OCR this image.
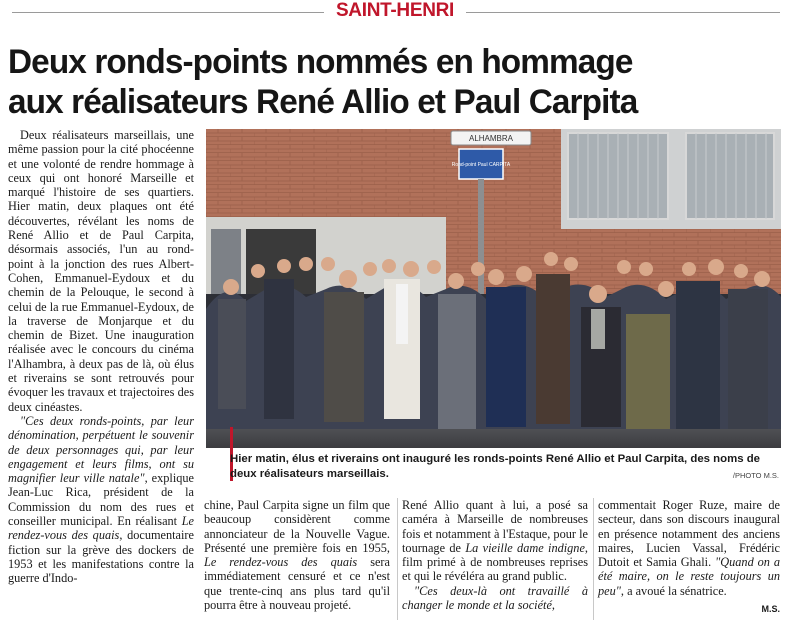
SAINT-HENRI
Deux ronds-points nommés en hommage
aux réalisateurs René Allio et Paul Carpita

Deux réalisateurs marseillais, une même passion pour la cité phocéenne et une volonté de rendre hommage à ceux qui ont honoré Marseille et marqué l'histoire de ses quartiers. Hier matin, deux plaques ont été découvertes, révélant les noms de René Allio et de Paul Carpita, désormais associés, l'un au rond-point à la jonction des rues Albert-Cohen, Emmanuel-Eydoux et du chemin de la Pelouque, le second à celui de la rue Emmanuel-Eydoux, de la traverse de Monjarque et du chemin de Bizet. Une inauguration réalisée avec le concours du cinéma l'Alhambra, à deux pas de là, où élus et riverains se sont retrouvés pour évoquer les travaux et trajectoires des deux cinéastes.

"Ces deux ronds-points, par leur dénomination, perpétuent le souvenir de deux personnages qui, par leur engagement et leurs films, ont su magnifier leur ville natale", explique Jean-Luc Rica, président de la Commission du nom des rues et conseiller municipal. En réalisant Le rendez-vous des quais, documentaire fiction sur la grève des dockers de 1953 et les manifestations contre la guerre d'Indo-

ALHAMBRA
Rond-point Paul CARPITA

Hier matin, élus et riverains ont inauguré les ronds-points René Allio et Paul Carpita, des noms de deux réalisateurs marseillais.	/PHOTO M.S.

chine, Paul Carpita signe un film que beaucoup considèrent comme annonciateur de la Nouvelle Vague. Présenté une première fois en 1955, Le rendez-vous des quais sera immédiatement censuré et ce n'est que trente-cinq ans plus tard qu'il pourra être à nouveau projeté.

René Allio quant à lui, a posé sa caméra à Marseille de nombreuses fois et notamment à l'Estaque, pour le tournage de La vieille dame indigne, film primé à de nombreuses reprises et qui le révéléra au grand public.

"Ces deux-là ont travaillé à changer le monde et la société,

commentait Roger Ruze, maire de secteur, dans son discours inaugural en présence notamment des anciens maires, Lucien Vassal, Frédéric Dutoit et Samia Ghali. "Quand on a été maire, on le reste toujours un peu", a avoué la sénatrice.

M.S.
